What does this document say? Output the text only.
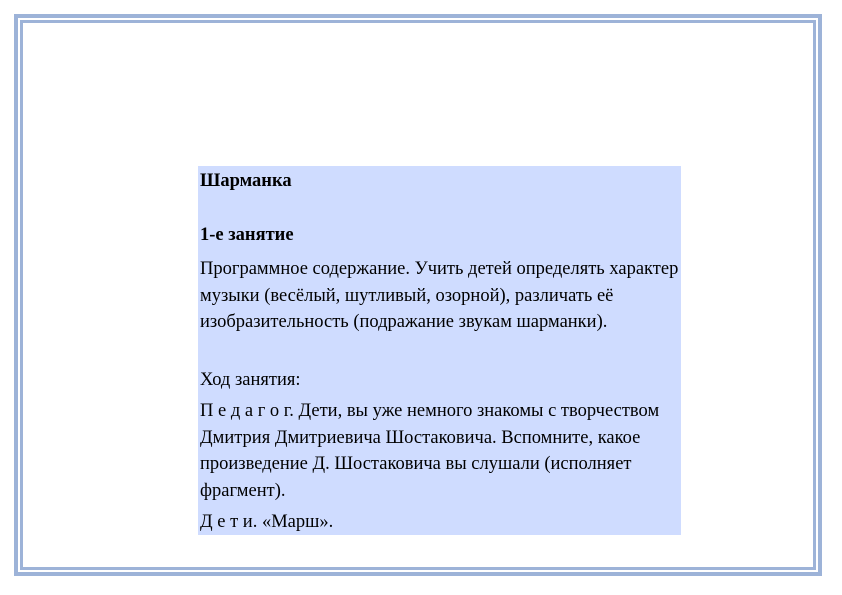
Шарманка

1-е занятие

Программное содержание. Учить детей определять характер музыки (весёлый, шутливый, озорной), различать её изобразительность (подражание звукам шарманки).

Ход занятия:

П е д а г о г. Дети, вы уже немного знакомы с творчеством Дмитрия Дмитриевича Шостаковича. Вспомните, какое произведение Д. Шостаковича вы слушали (исполняет фрагмент).

Д е т и. «Марш».
